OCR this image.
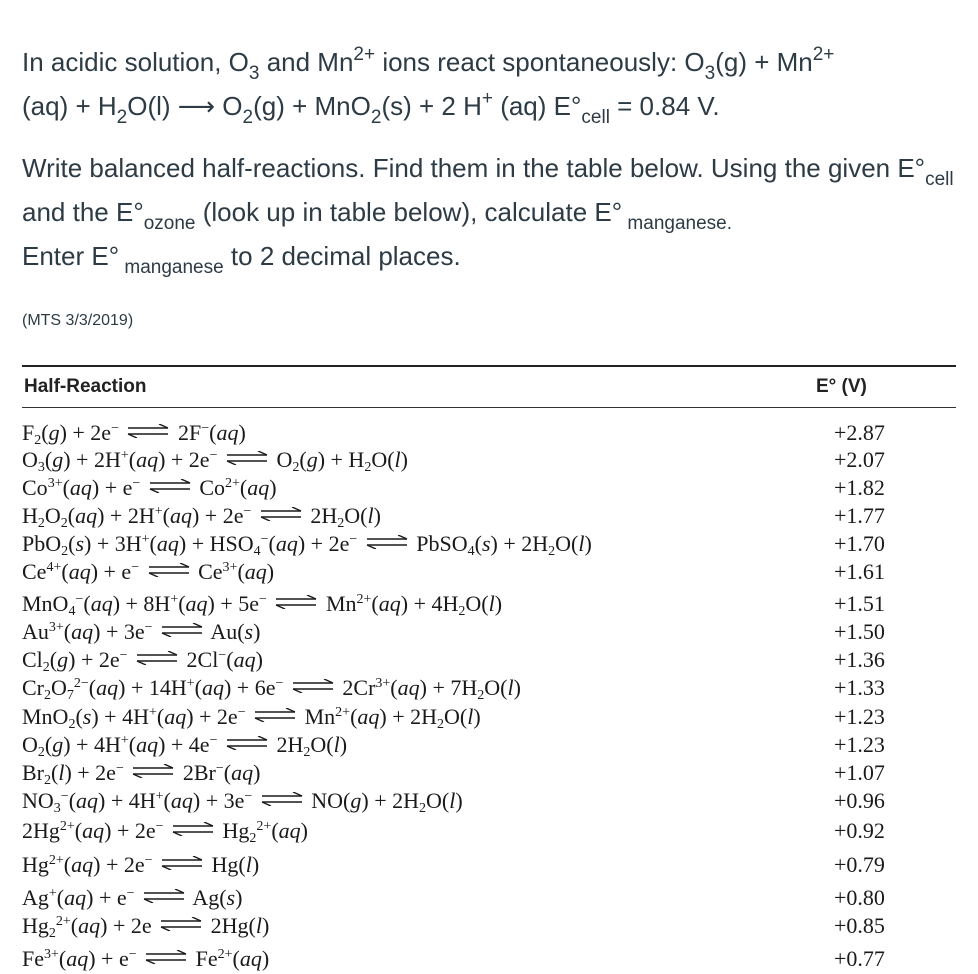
In acidic solution, $O_3$ and $Mn^{2+}$ ions react spontaneously: $O_3(g) + Mn^{2+}$
$(aq) + H_2O(l)$ ⟶ $O_2(g) + MnO_2(s) + 2$ H+ (aq) $E^\circ_{cell} = 0.84$ V.

Write balanced half-reactions. Find them in the table below. Using the given $E^\circ_{cell}$ and the $E^\circ_{ozone}$ (look up in table below), calculate E° $_{manganese.}$
Enter E° $_{manganese}$ to 2 decimal places.

(MTS 3/3/2019)
Half-Reaction	E° (V)
$F_2(g) + 2e^-$ ⇌ 2F−(aq)	+2.87
$O_3(g) + 2H^+(aq) + 2e^-$ ⇌ $O_2(g) + H_2O(l)$	+2.07
$Co^{3+}(aq) + e^-$ ⇌ $Co^{2+}(aq)$	+1.82
$H_2O_2(aq) + 2H^+(aq) + 2e^-$ ⇌ $2H_2O(l)$	+1.77
$PbO_2(s) + 3H^+(aq) + HSO_4^-(aq) + 2e^-$ ⇌ PbSO$_4$(s) + $2H_2O(l)$	+1.70
$Ce^{4+}(aq) + e^-$ ⇌ $Ce^{3+}(aq)$	+1.61
MnO$_4$−(aq) + 8H+(aq) + 5e− ⇌ $Mn^{2+}(aq) + 4H_2O(l)$	+1.51
$Au^{3+}(aq) + 3e^-$ ⇌ Au(s)	+1.50
$Cl_2(g) + 2e^-$ ⇌ 2Cl−(aq)	+1.36
$Cr_2O_7^{2-}(aq) + 14H^+(aq) + 6e^-$ ⇌ $2Cr^{3+}(aq) + 7H_2O(l)$	+1.33
MnO$_2$(s) + 4H+(aq) + 2e− ⇌ $Mn^{2+}(aq) + 2H_2O(l)$	+1.23
$O_2(g) + 4H^+(aq) + 4e^-$ ⇌ $2H_2O(l)$	+1.23
$Br_2(l) + 2e^-$ ⇌ 2Br−(aq)	+1.07
$NO_3^-(aq) + 4H^+(aq) + 3e^-$ ⇌ $NO(g) + 2H_2O(l)$	+0.96
$2Hg^{2+}(aq) + 2e^-$ ⇌ $Hg_2^{2+}(aq)$	+0.92
$Hg^{2+}(aq) + 2e^-$ ⇌ Hg(l)	+0.79
Ag+(aq) + e− ⇌ Ag(s)	+0.80
$Hg_2^{2+}(aq) + 2e$ ⇌ 2Hg(l)	+0.85
$Fe^{3+}(aq) + e^-$ ⇌ $Fe^{2+}(aq)$	+0.77
